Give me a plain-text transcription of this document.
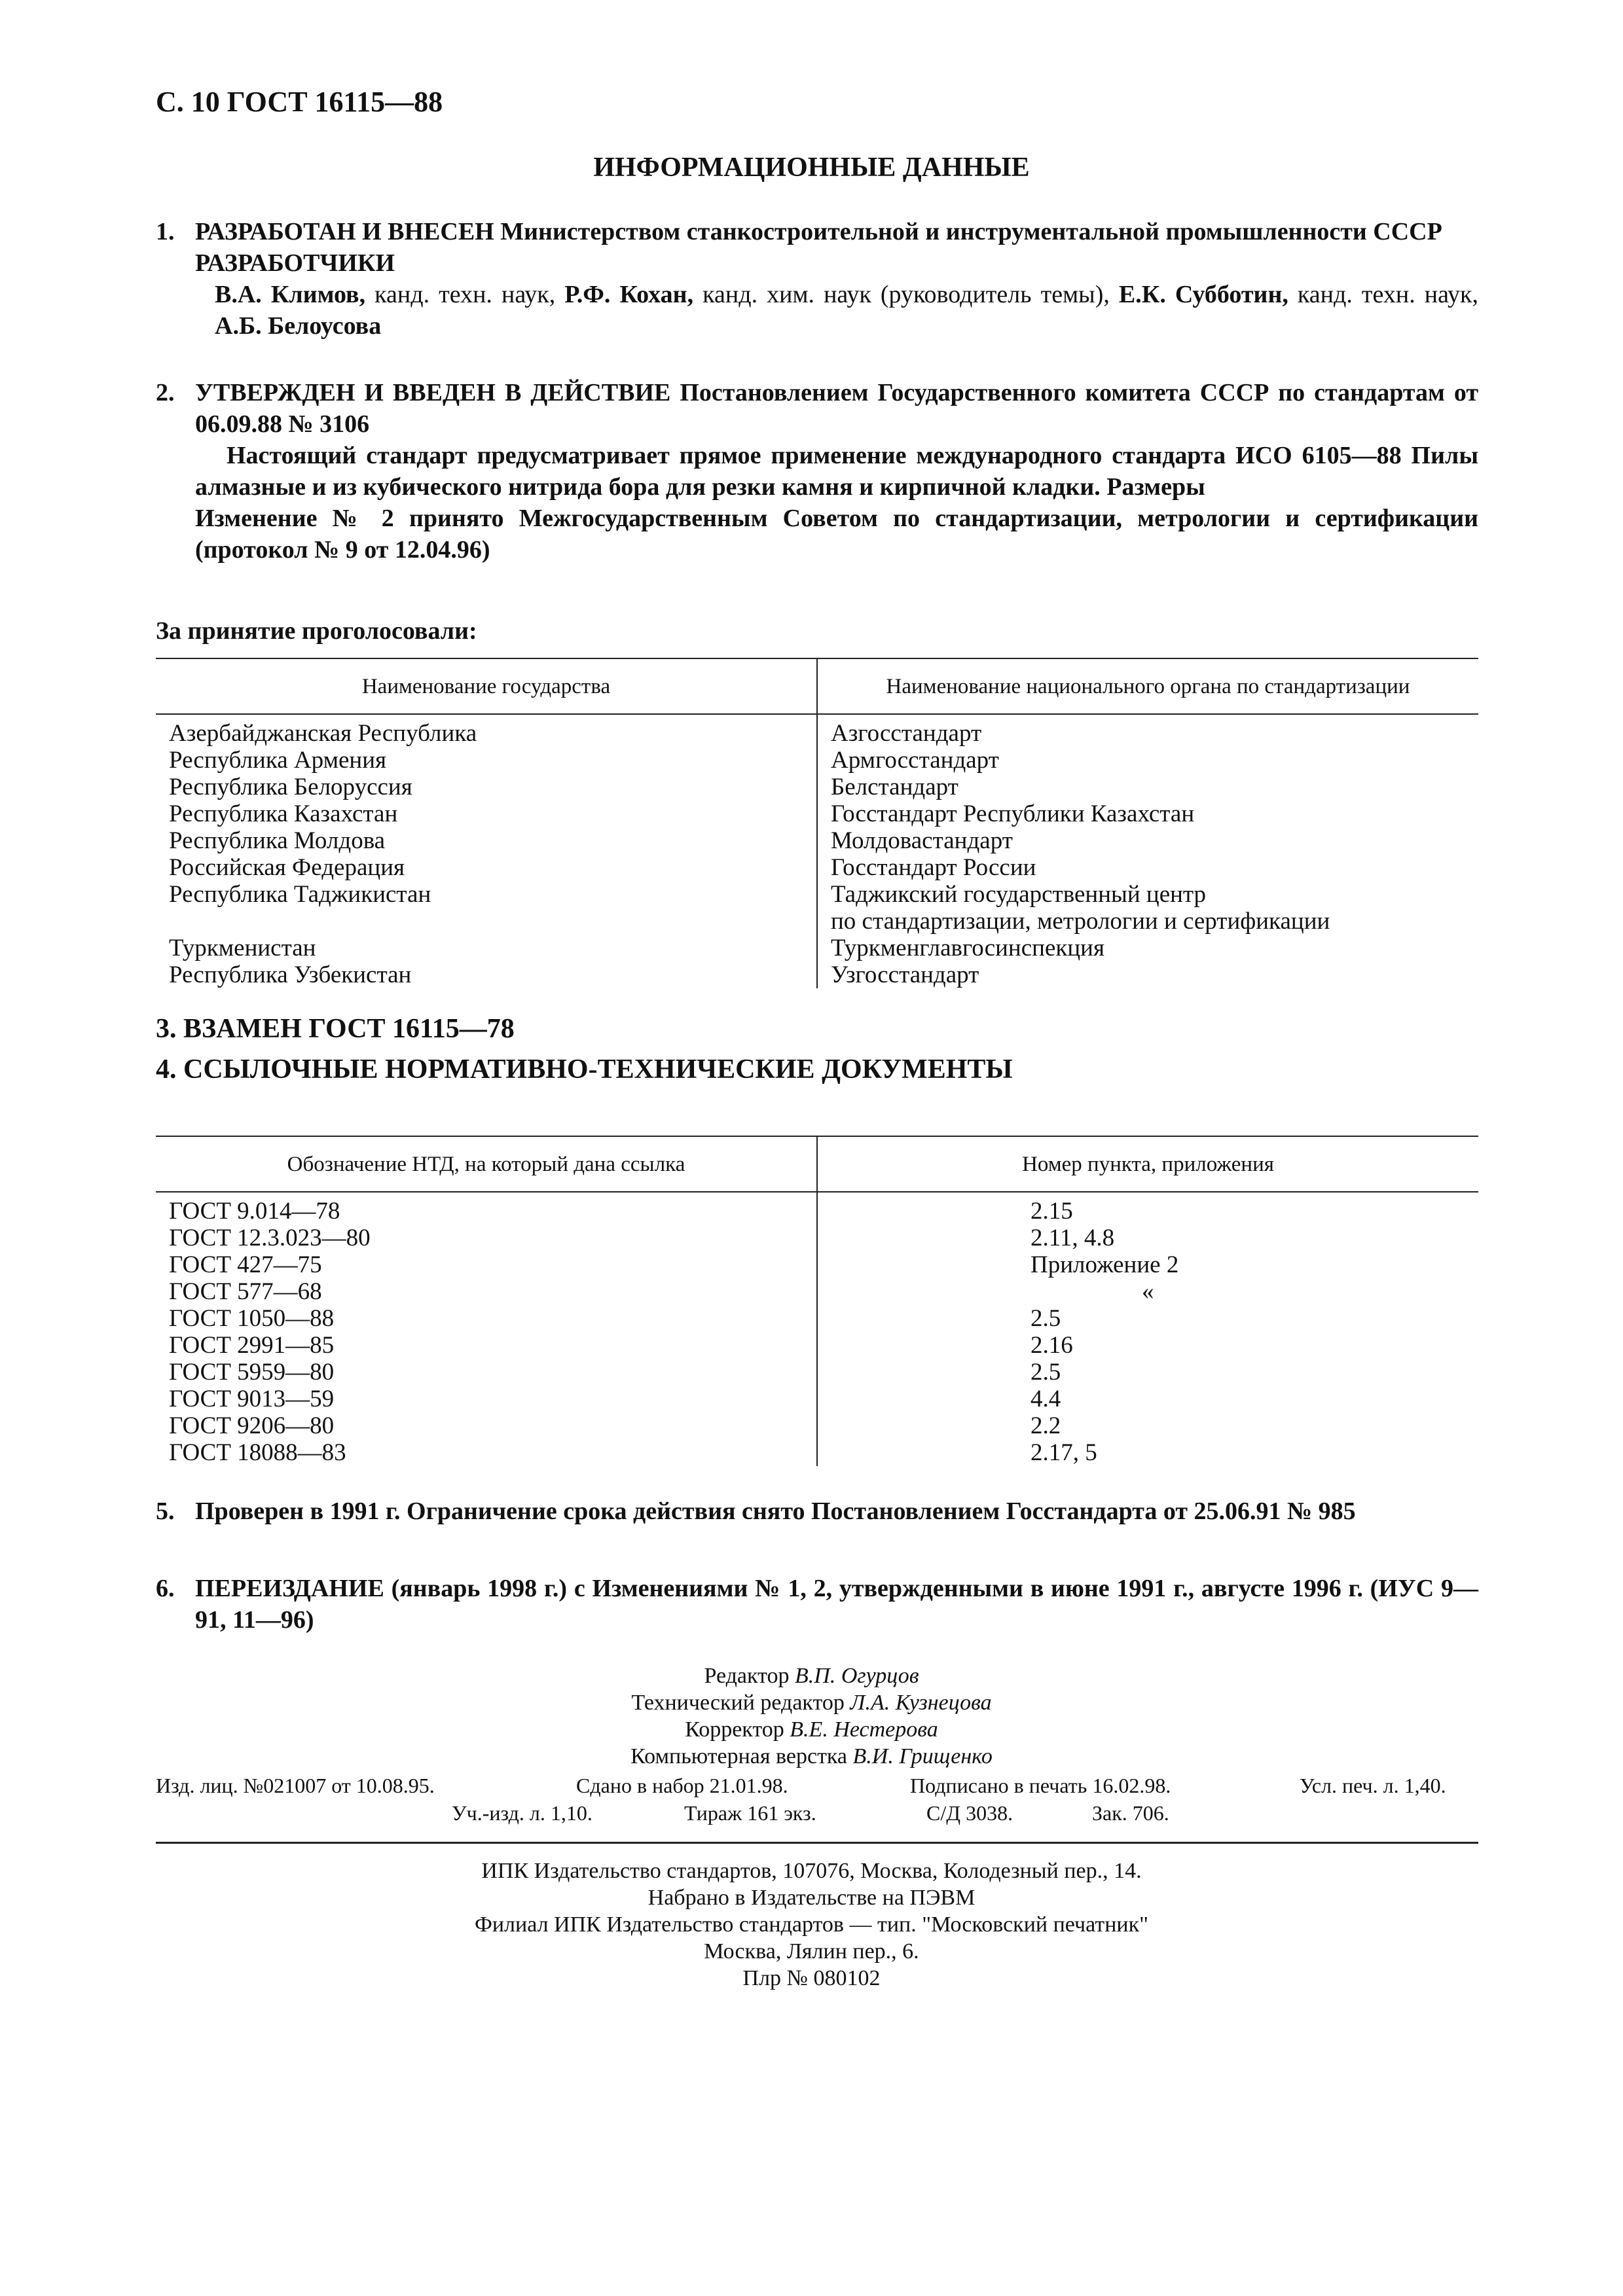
С. 10 ГОСТ 16115—88
ИНФОРМАЦИОННЫЕ ДАННЫЕ
1. РАЗРАБОТАН И ВНЕСЕН Министерством станкостроительной и инструментальной промышленности СССР
РАЗРАБОТЧИКИ
В.А. Климов, канд. техн. наук, Р.Ф. Кохан, канд. хим. наук (руководитель темы), Е.К. Субботин, канд. техн. наук, А.Б. Белоусова
2. УТВЕРЖДЕН И ВВЕДЕН В ДЕЙСТВИЕ Постановлением Государственного комитета СССР по стандартам от 06.09.88 № 3106
Настоящий стандарт предусматривает прямое применение международного стандарта ИСО 6105—88 Пилы алмазные и из кубического нитрида бора для резки камня и кирпичной кладки. Размеры
Изменение № 2 принято Межгосударственным Советом по стандартизации, метрологии и сертификации (протокол № 9 от 12.04.96)
За принятие проголосовали:
Наименование государства	Наименование национального органа по стандартизации
Азербайджанская Республика	Азгосстандарт
Республика Армения	Армгосстандарт
Республика Белоруссия	Белстандарт
Республика Казахстан	Госстандарт Республики Казахстан
Республика Молдова	Молдовастандарт
Российская Федерация	Госстандарт России
Республика Таджикистан	Таджикский государственный центр
	по стандартизации, метрологии и сертификации
Туркменистан	Туркменглавгосинспекция
Республика Узбекистан	Узгосстандарт
3. ВЗАМЕН ГОСТ 16115—78
4. ССЫЛОЧНЫЕ НОРМАТИВНО-ТЕХНИЧЕСКИЕ ДОКУМЕНТЫ
Обозначение НТД, на который дана ссылка	Номер пункта, приложения
ГОСТ 9.014—78	2.15
ГОСТ 12.3.023—80	2.11, 4.8
ГОСТ 427—75	Приложение 2
ГОСТ 577—68	«
ГОСТ 1050—88	2.5
ГОСТ 2991—85	2.16
ГОСТ 5959—80	2.5
ГОСТ 9013—59	4.4
ГОСТ 9206—80	2.2
ГОСТ 18088—83	2.17, 5
5. Проверен в 1991 г. Ограничение срока действия снято Постановлением Госстандарта от 25.06.91 № 985
6. ПЕРЕИЗДАНИЕ (январь 1998 г.) с Изменениями № 1, 2, утвержденными в июне 1991 г., августе 1996 г. (ИУС 9—91, 11—96)
Редактор В.П. Огурцов
Технический редактор Л.А. Кузнецова
Корректор В.Е. Нестерова
Компьютерная верстка В.И. Грищенко
Изд. лиц. №021007 от 10.08.95.	Сдано в набор 21.01.98.	Подписано в печать 16.02.98.	Усл. печ. л. 1,40.
Уч.-изд. л. 1,10.	Тираж 161 экз.	С/Д 3038.	Зак. 706.
ИПК Издательство стандартов, 107076, Москва, Колодезный пер., 14.
Набрано в Издательстве на ПЭВМ
Филиал ИПК Издательство стандартов — тип. "Московский печатник"
Москва, Лялин пер., 6.
Плр № 080102
